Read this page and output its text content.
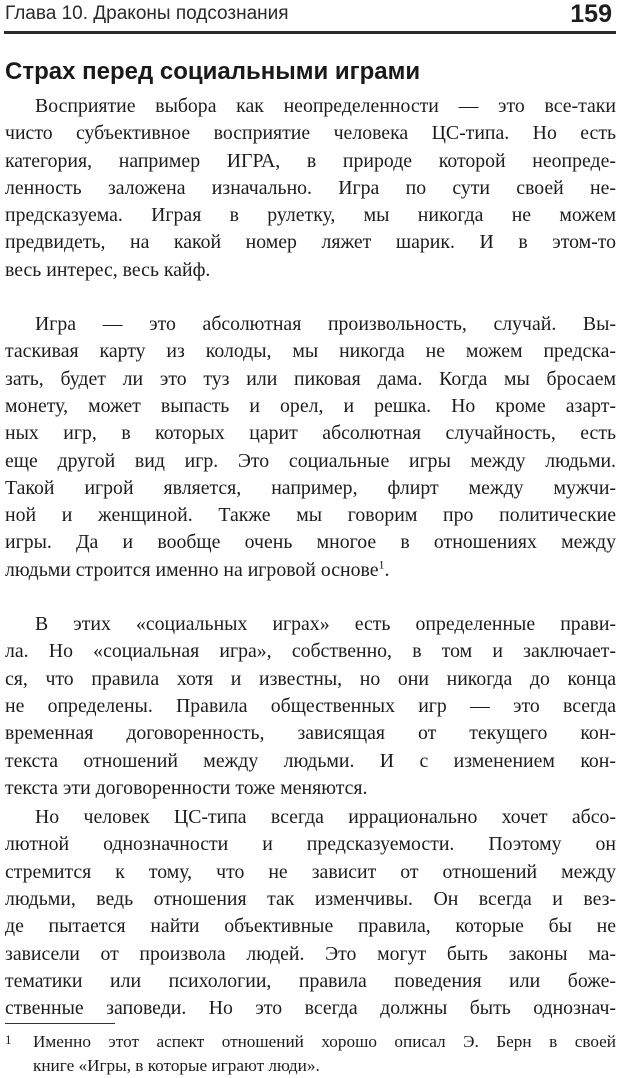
Глава 10. Драконы подсознания	159
Страх перед социальными играми

Восприятие выбора как неопределенности — это все-таки
чисто субъективное восприятие человека ЦС-типа. Но есть
категория, например ИГРА, в природе которой неопреде-
ленность заложена изначально. Игра по сути своей не-
предсказуема. Играя в рулетку, мы никогда не можем
предвидеть, на какой номер ляжет шарик. И в этом-то
весь интерес, весь кайф.

Игра — это абсолютная произвольность, случай. Вы-
таскивая карту из колоды, мы никогда не можем предска-
зать, будет ли это туз или пиковая дама. Когда мы бросаем
монету, может выпасть и орел, и решка. Но кроме азарт-
ных игр, в которых царит абсолютная случайность, есть
еще другой вид игр. Это социальные игры между людьми.
Такой игрой является, например, флирт между мужчи-
ной и женщиной. Также мы говорим про политические
игры. Да и вообще очень многое в отношениях между
людьми строится именно на игровой основе$^1$.

В этих «социальных играх» есть определенные прави-
ла. Но «социальная игра», собственно, в том и заключает-
ся, что правила хотя и известны, но они никогда до конца
не определены. Правила общественных игр — это всегда
временная договоренность, зависящая от текущего кон-
текста отношений между людьми. И с изменением кон-
текста эти договоренности тоже меняются.

Но человек ЦС-типа всегда иррационально хочет абсо-
лютной однозначности и предсказуемости. Поэтому он
стремится к тому, что не зависит от отношений между
людьми, ведь отношения так изменчивы. Он всегда и вез-
де пытается найти объективные правила, которые бы не
зависели от произвола людей. Это могут быть законы ма-
тематики или психологии, правила поведения или боже-
ственные заповеди. Но это всегда должны быть однознач-

1 Именно этот аспект отношений хорошо описал Э. Берн в своей
книге «Игры, в которые играют люди».
